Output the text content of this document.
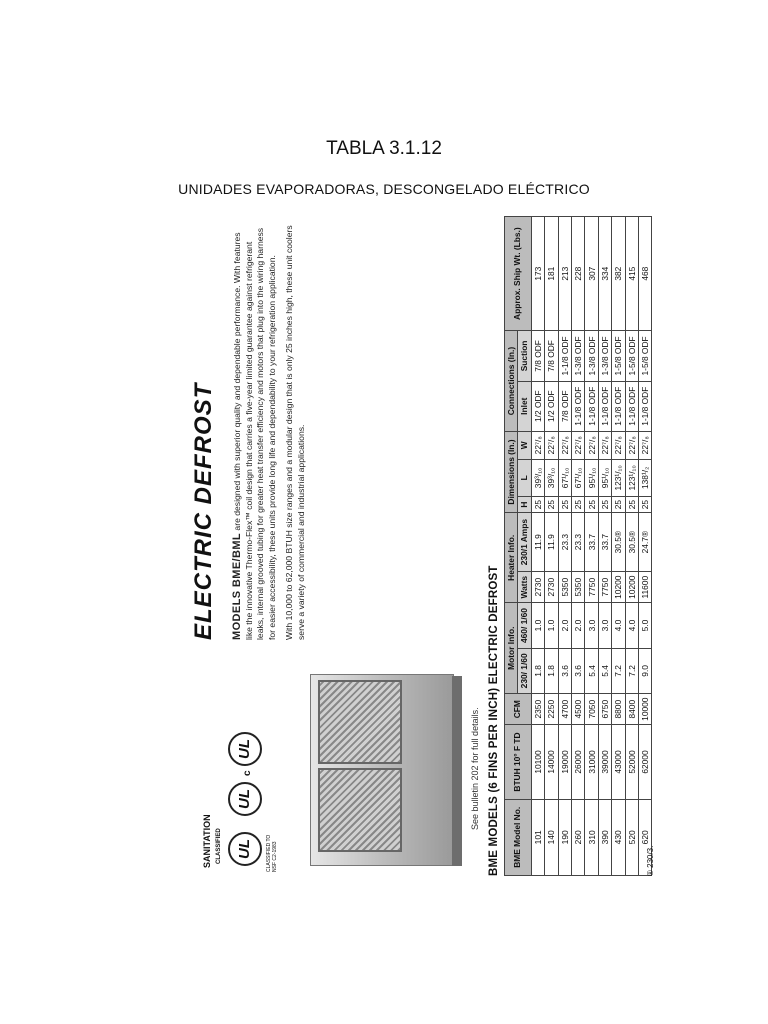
TABLA 3.1.12
UNIDADES EVAPORADORAS, DESCONGELADO ELÉCTRICO
SANITATION CLASSIFIED UL	CLASSIFIED TO NSF C2-1983
UL
c
UL	See bulletin 202 for full details.
ELECTRIC DEFROST MODELS BME/BML are designed with superior quality and dependable performance. With features like the innovative Thermo-Flex™ coil design that carries a five-year limited guarantee against refrigerant leaks, internal grooved tubing for greater heat transfer efficiency and motors that plug into the wiring harness for easier accessibility, these units provide long life and dependability to your refrigeration application. With 10,000 to 62,000 BTUH size ranges and a modular design that is only 25 inches high, these unit coolers serve a variety of commercial and industrial applications.

BME MODELS (6 FINS PER INCH) ELECTRIC DEFROST BME Model No.	BTUH 10° F TD	CFM	Motor Info.		Heater Info.		Dimensions (In.)			Connections (In.)		Approx. Ship Wt. (Lbs.)
			230/ 1/60	460/ 1/60	Watts	230/1 Amps	H	L	W	Inlet	Suction	
101	10100	2350	1.8	1.0	2730	11.9	25	39³/₁₀	22⁷/₈	1/2 ODF	7/8 ODF	173
140	14000	2250	1.8	1.0	2730	11.9	25	39³/₁₀	22⁷/₈	1/2 ODF	7/8 ODF	181
190	19000	4700	3.6	2.0	5350	23.3	25	67¹/₁₀	22⁷/₈	7/8 ODF	1-1/8 ODF	213
260	26000	4500	3.6	2.0	5350	23.3	25	67¹/₁₀	22⁷/₈	1-1/8 ODF	1-3/8 ODF	228
310	31000	7050	5.4	3.0	7750	33.7	25	95¹/₁₀	22⁷/₈	1-1/8 ODF	1-3/8 ODF	307
390	39000	6750	5.4	3.0	7750	33.7	25	95¹/₁₀	22⁷/₈	1-1/8 ODF	1-3/8 ODF	334
430	43000	8800	7.2	4.0	10200	30.5®	25	123¹/₁₀	22⁷/₈	1-1/8 ODF	1-5/8 ODF	382
520	52000	8400	7.2	4.0	10200	30.5®	25	123¹/₁₀	22⁷/₈	1-1/8 ODF	1-5/8 ODF	415
620	62000	10000	9.0	5.0	11600	24.7®	25	138¹/₂	22⁷/₈	1-1/8 ODF	1-5/8 ODF	468
® 230/3.
